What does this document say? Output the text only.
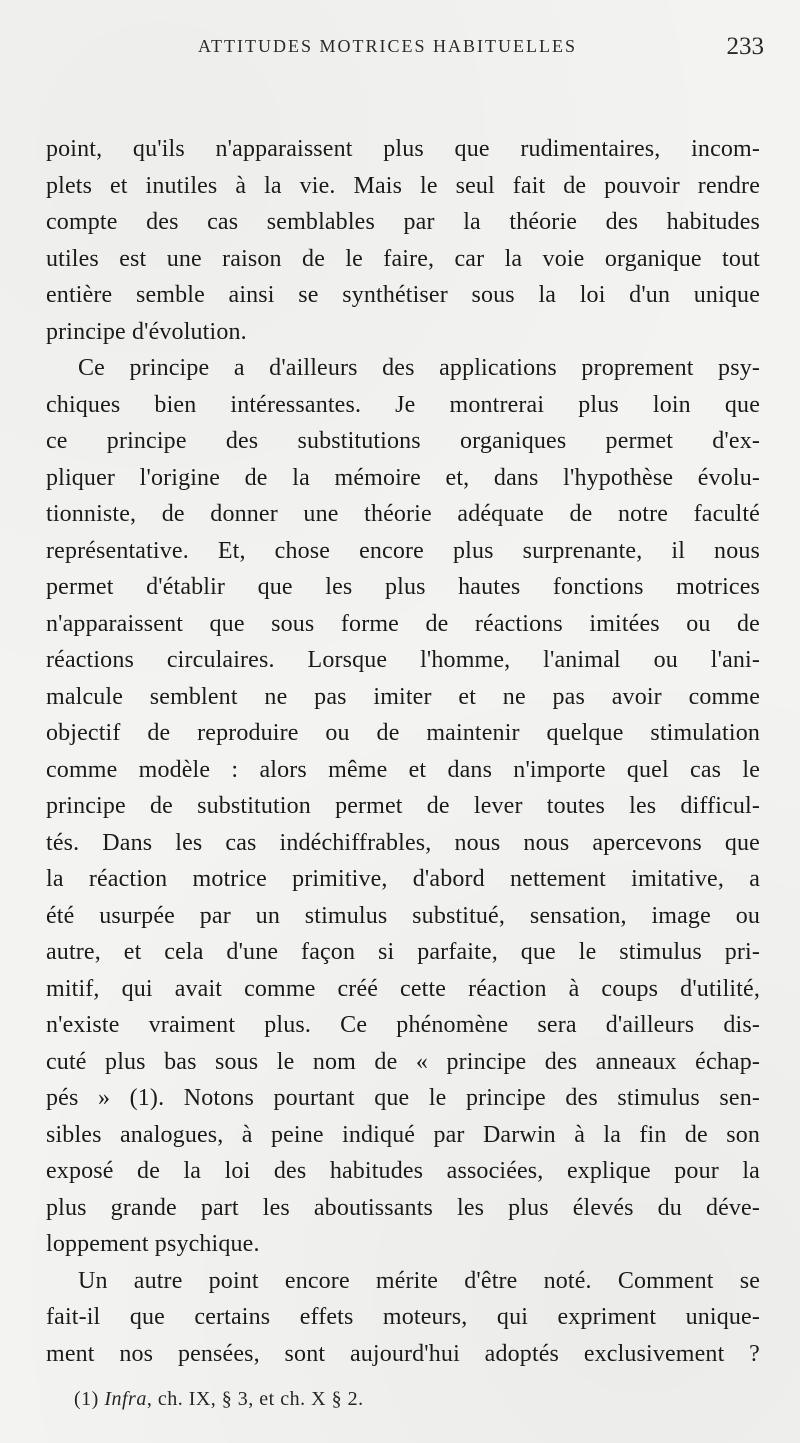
ATTITUDES MOTRICES HABITUELLES	233
point, qu'ils n'apparaissent plus que rudimentaires, incom-
plets et inutiles à la vie. Mais le seul fait de pouvoir rendre
compte des cas semblables par la théorie des habitudes
utiles est une raison de le faire, car la voie organique tout
entière semble ainsi se synthétiser sous la loi d'un unique
principe d'évolution.
Ce principe a d'ailleurs des applications proprement psy-
chiques bien intéressantes. Je montrerai plus loin que
ce principe des substitutions organiques permet d'ex-
pliquer l'origine de la mémoire et, dans l'hypothèse évolu-
tionniste, de donner une théorie adéquate de notre faculté
représentative. Et, chose encore plus surprenante, il nous
permet d'établir que les plus hautes fonctions motrices
n'apparaissent que sous forme de réactions imitées ou de
réactions circulaires. Lorsque l'homme, l'animal ou l'ani-
malcule semblent ne pas imiter et ne pas avoir comme
objectif de reproduire ou de maintenir quelque stimulation
comme modèle : alors même et dans n'importe quel cas le
principe de substitution permet de lever toutes les difficul-
tés. Dans les cas indéchiffrables, nous nous apercevons que
la réaction motrice primitive, d'abord nettement imitative, a
été usurpée par un stimulus substitué, sensation, image ou
autre, et cela d'une façon si parfaite, que le stimulus pri-
mitif, qui avait comme créé cette réaction à coups d'utilité,
n'existe vraiment plus. Ce phénomène sera d'ailleurs dis-
cuté plus bas sous le nom de « principe des anneaux échap-
pés » (1). Notons pourtant que le principe des stimulus sen-
sibles analogues, à peine indiqué par Darwin à la fin de son
exposé de la loi des habitudes associées, explique pour la
plus grande part les aboutissants les plus élevés du déve-
loppement psychique.
Un autre point encore mérite d'être noté. Comment se
fait-il que certains effets moteurs, qui expriment unique-
ment nos pensées, sont aujourd'hui adoptés exclusivement ?
(1) Infra, ch. IX, § 3, et ch. X § 2.
